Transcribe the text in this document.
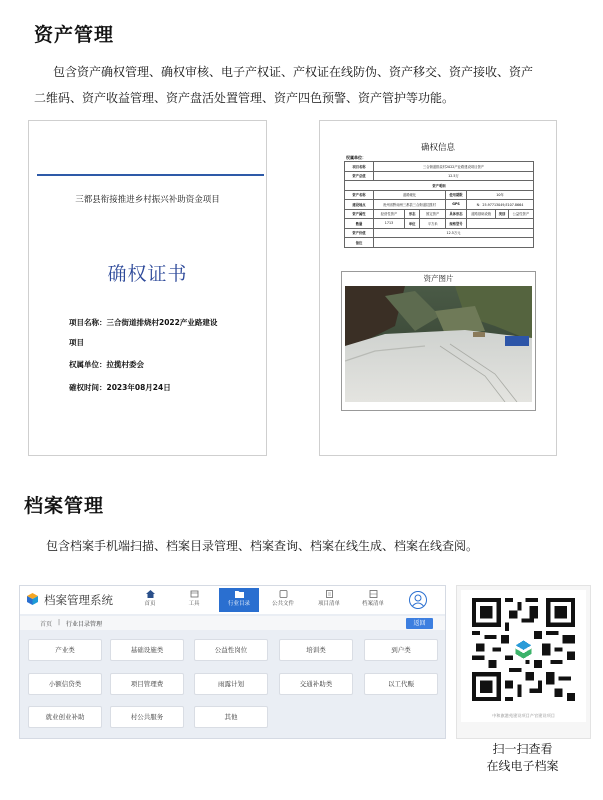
资产管理
包含资产确权管理、确权审核、电子产权证、产权证在线防伪、资产移交、资产接收、资产
二维码、资产收益管理、资产盘活处置管理、资产四色预警、资产管护等功能。
三都县衔接推进乡村振兴补助资金项目
确权证书
项目名称：三合街道排烧村2022产业路建设
项目
权属单位：拉揽村委会
確权时间：2023年08月24日
确权信息
权属单位：
项目名称	三合街道排烧村2022产业路建设项目资产						
资产总值	12.5万						
资产明细							
资产名称	道路硬化			使用期限	10年		
建设地点	贵州省黔南州三都县三合街道拉揽村			GPS	N：25.97713049,E107.8664		
资产属性	经营性资产	形态	固定资产	具体形态	道路基础设施	类别	公益性资产
数量	1713	单位	平方米	规格型号			
资产价值	12.5万元						
备注							
资产图片
档案管理
包含档案手机端扫描、档案目录管理、档案查询、档案在线生成、档案在线查阅。
档案管理系统	首页	工具	行业目录	公共文件	项目清单	档案清单
首页 | 行业目录管理	返回
产业类	基础设施类	公益性岗位	培训类	到户类
小额信贷类	项目管理费	雨露计划	交通补助类	以工代赈
就业创业补助	村公共服务	其他	中和旗港苑建设项目产官建设项目
扫一扫查看
在线电子档案
